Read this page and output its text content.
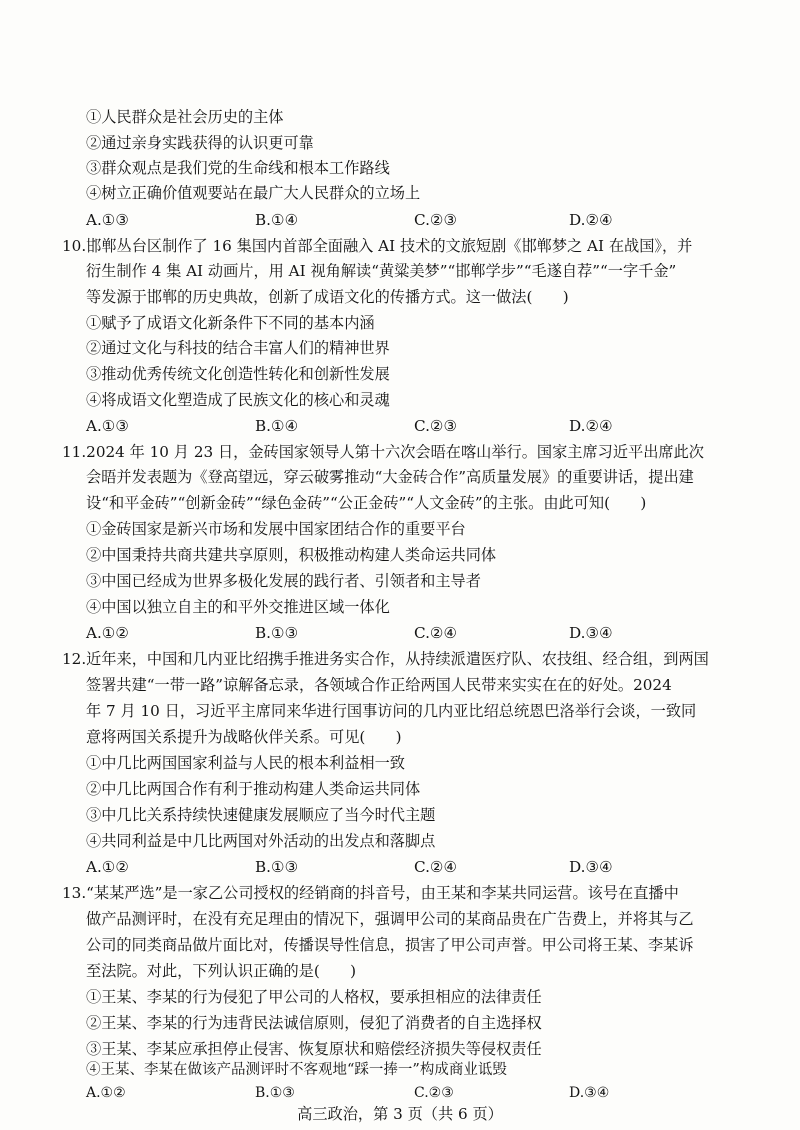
①人民群众是社会历史的主体
②通过亲身实践获得的认识更可靠
③群众观点是我们党的生命线和根本工作路线
④树立正确价值观要站在最广大人民群众的立场上
A.①③	B.①④	C.②③	D.②④
10.邯郸丛台区制作了 16 集国内首部全面融入 AI 技术的文旅短剧《邯郸梦之 AI 在战国》，并
衍生制作 4 集 AI 动画片，用 AI 视角解读“黄粱美梦”“邯郸学步”“毛遂自荐”“一字千金”
等发源于邯郸的历史典故，创新了成语文化的传播方式。这一做法(　　)
①赋予了成语文化新条件下不同的基本内涵
②通过文化与科技的结合丰富人们的精神世界
③推动优秀传统文化创造性转化和创新性发展
④将成语文化塑造成了民族文化的核心和灵魂
A.①③	B.①④	C.②③	D.②④
11.2024 年 10 月 23 日，金砖国家领导人第十六次会晤在喀山举行。国家主席习近平出席此次
会晤并发表题为《登高望远，穿云破雾推动“大金砖合作”高质量发展》的重要讲话，提出建
设“和平金砖”“创新金砖”“绿色金砖”“公正金砖”“人文金砖”的主张。由此可知(　　)
①金砖国家是新兴市场和发展中国家团结合作的重要平台
②中国秉持共商共建共享原则，积极推动构建人类命运共同体
③中国已经成为世界多极化发展的践行者、引领者和主导者
④中国以独立自主的和平外交推进区域一体化
A.①②	B.①③	C.②④	D.③④
12.近年来，中国和几内亚比绍携手推进务实合作，从持续派遣医疗队、农技组、经合组，到两国
签署共建“一带一路”谅解备忘录，各领域合作正给两国人民带来实实在在的好处。2024
年 7 月 10 日，习近平主席同来华进行国事访问的几内亚比绍总统恩巴洛举行会谈，一致同
意将两国关系提升为战略伙伴关系。可见(　　)
①中几比两国国家利益与人民的根本利益相一致
②中几比两国合作有利于推动构建人类命运共同体
③中几比关系持续快速健康发展顺应了当今时代主题
④共同利益是中几比两国对外活动的出发点和落脚点
A.①②	B.①③	C.②④	D.③④
13.“某某严选”是一家乙公司授权的经销商的抖音号，由王某和李某共同运营。该号在直播中
做产品测评时，在没有充足理由的情况下，强调甲公司的某商品贵在广告费上，并将其与乙
公司的同类商品做片面比对，传播误导性信息，损害了甲公司声誉。甲公司将王某、李某诉
至法院。对此，下列认识正确的是(　　)
①王某、李某的行为侵犯了甲公司的人格权，要承担相应的法律责任
②王某、李某的行为违背民法诚信原则，侵犯了消费者的自主选择权
③王某、李某应承担停止侵害、恢复原状和赔偿经济损失等侵权责任
④王某、李某在做该产品测评时不客观地“踩一捧一”构成商业诋毁
高三政治，第 3 页（共 6 页）
A.①②	B.①③	C.②③	D.③④
